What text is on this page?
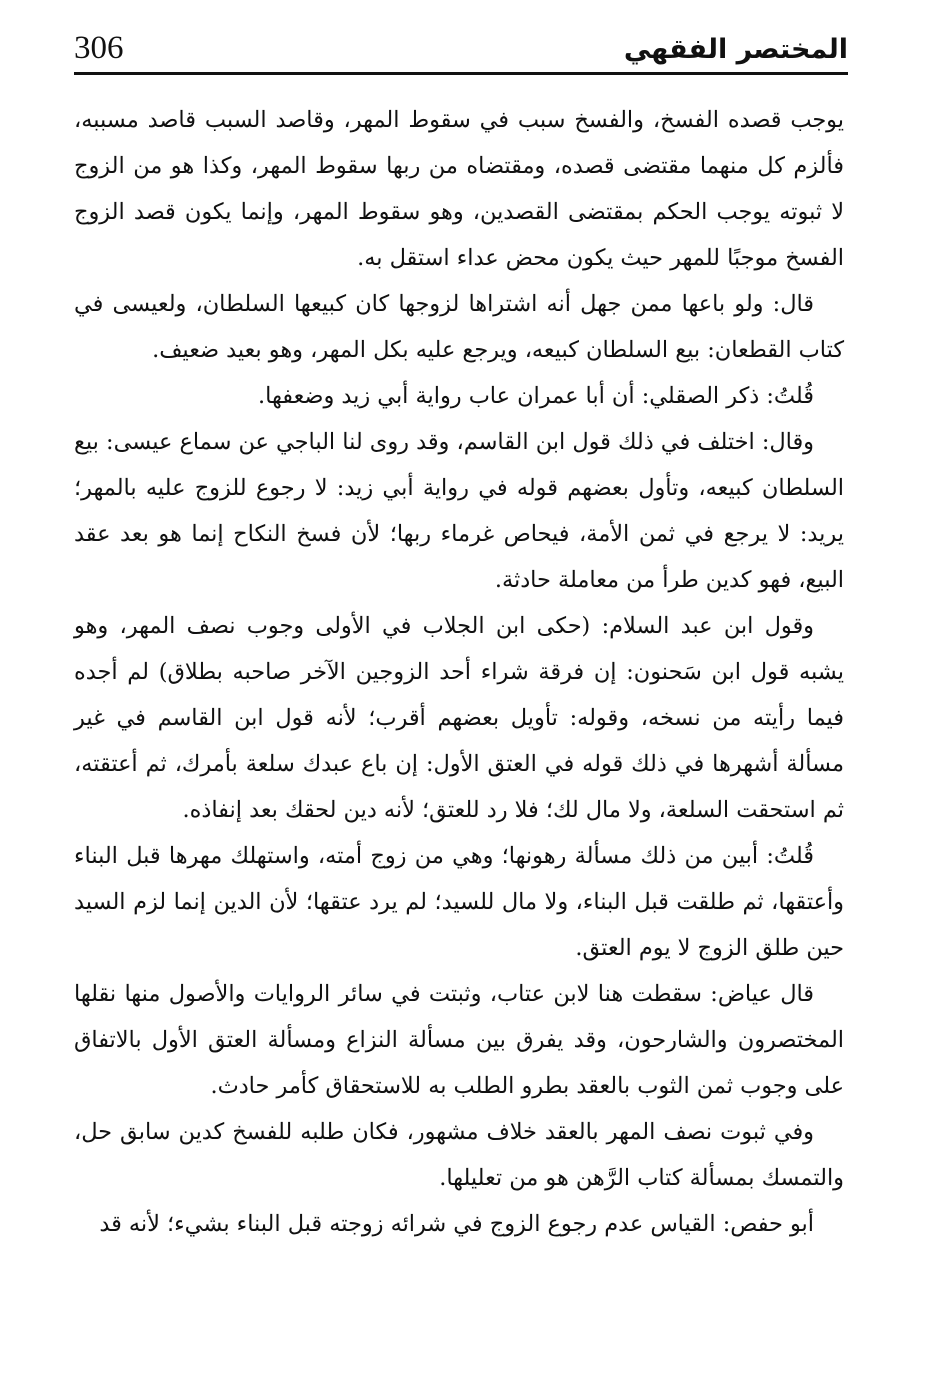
306	المختصر الفقهي

يوجب قصده الفسخ، والفسخ سبب في سقوط المهر، وقاصد السبب قاصد مسببه، فألزم كل منهما مقتضى قصده، ومقتضاه من ربها سقوط المهر، وكذا هو من الزوج لا ثبوته يوجب الحكم بمقتضى القصدين، وهو سقوط المهر، وإنما يكون قصد الزوج الفسخ موجبًا للمهر حيث يكون محض عداء استقل به.

قال: ولو باعها ممن جهل أنه اشتراها لزوجها كان كبيعها السلطان، ولعيسى في كتاب القطعان: بيع السلطان كبيعه، ويرجع عليه بكل المهر، وهو بعيد ضعيف.

قُلتُ: ذكر الصقلي: أن أبا عمران عاب رواية أبي زيد وضعفها.

وقال: اختلف في ذلك قول ابن القاسم، وقد روى لنا الباجي عن سماع عيسى: بيع السلطان كبيعه، وتأول بعضهم قوله في رواية أبي زيد: لا رجوع للزوج عليه بالمهر؛ يريد: لا يرجع في ثمن الأمة، فيحاص غرماء ربها؛ لأن فسخ النكاح إنما هو بعد عقد البيع، فهو كدين طرأ من معاملة حادثة.

وقول ابن عبد السلام: (حكى ابن الجلاب في الأولى وجوب نصف المهر، وهو يشبه قول ابن سَحنون: إن فرقة شراء أحد الزوجين الآخر صاحبه بطلاق) لم أجده فيما رأيته من نسخه، وقوله: تأويل بعضهم أقرب؛ لأنه قول ابن القاسم في غير مسألة أشهرها في ذلك قوله في العتق الأول: إن باع عبدك سلعة بأمرك، ثم أعتقته، ثم استحقت السلعة، ولا مال لك؛ فلا رد للعتق؛ لأنه دين لحقك بعد إنفاذه.

قُلتُ: أبين من ذلك مسألة رهونها؛ وهي من زوج أمته، واستهلك مهرها قبل البناء وأعتقها، ثم طلقت قبل البناء، ولا مال للسيد؛ لم يرد عتقها؛ لأن الدين إنما لزم السيد حين طلق الزوج لا يوم العتق.

قال عياض: سقطت هنا لابن عتاب، وثبتت في سائر الروايات والأصول منها نقلها المختصرون والشارحون، وقد يفرق بين مسألة النزاع ومسألة العتق الأول بالاتفاق على وجوب ثمن الثوب بالعقد بطرو الطلب به للاستحقاق كأمر حادث.

وفي ثبوت نصف المهر بالعقد خلاف مشهور، فكان طلبه للفسخ كدين سابق حل، والتمسك بمسألة كتاب الرَّهن هو من تعليلها.

أبو حفص: القياس عدم رجوع الزوج في شرائه زوجته قبل البناء بشيء؛ لأنه قد
